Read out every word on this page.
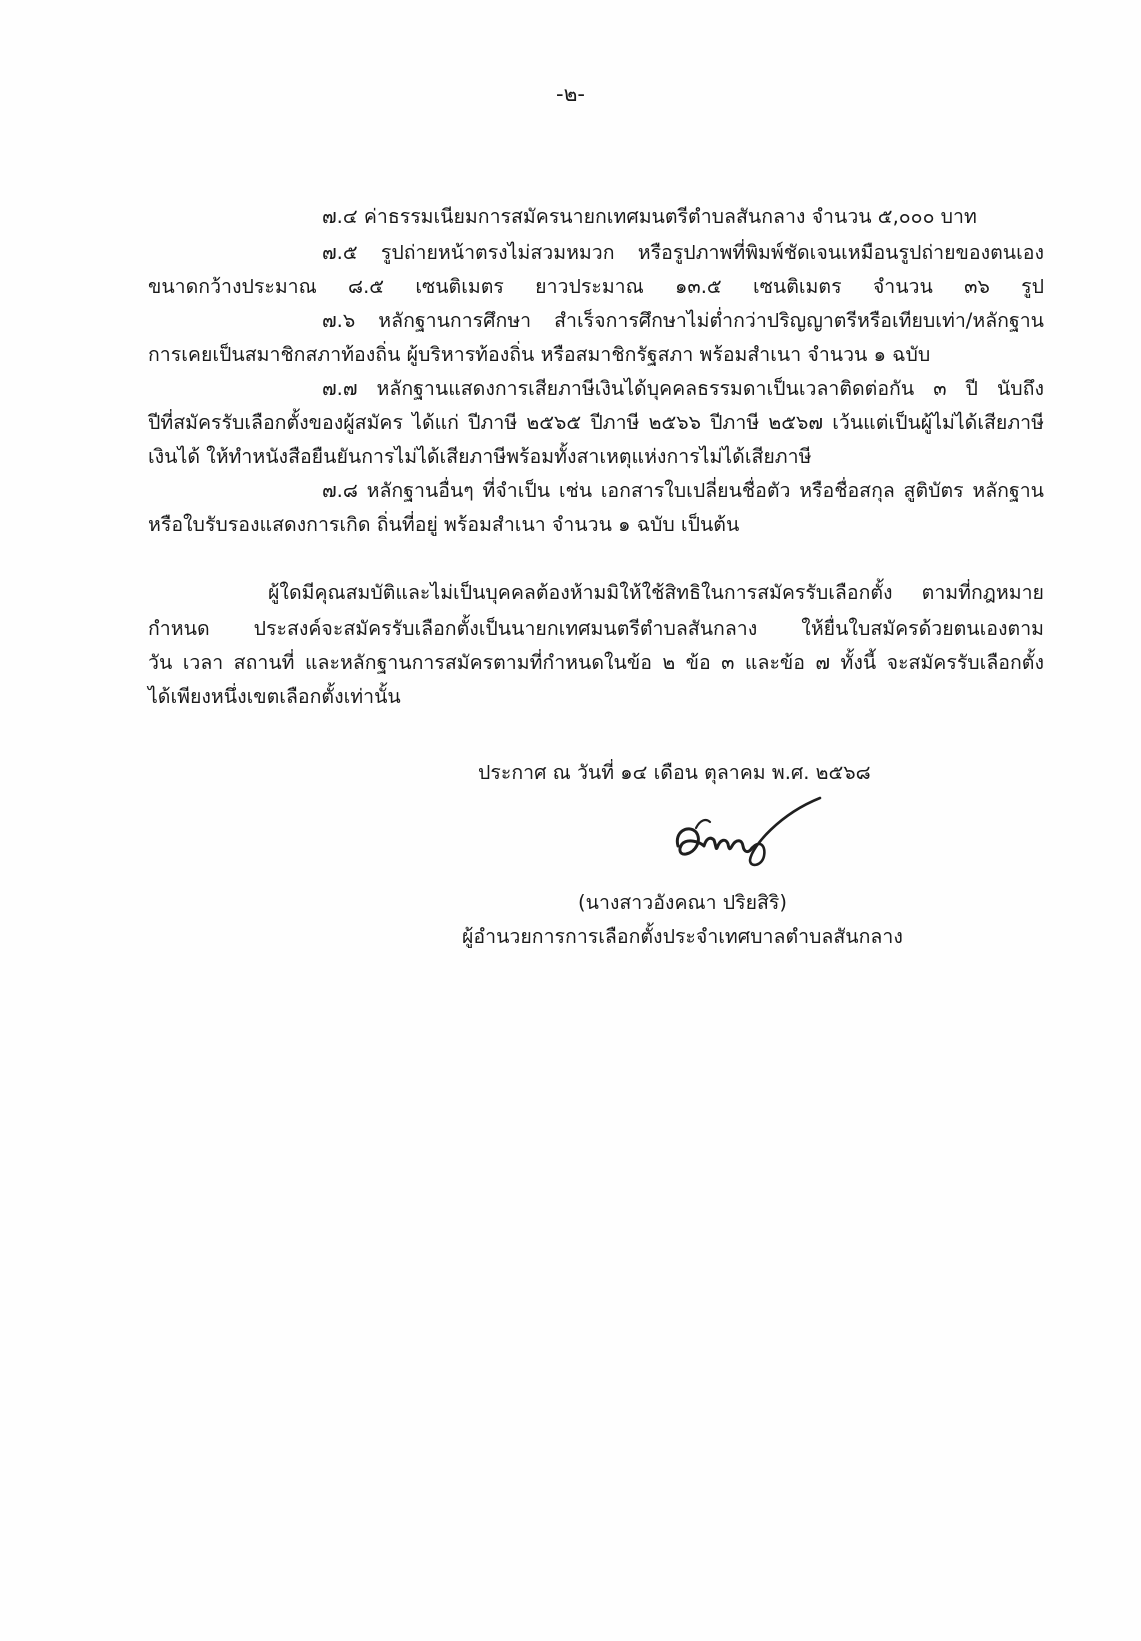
-๒-
๗.๔ ค่าธรรมเนียมการสมัครนายกเทศมนตรีตำบลสันกลาง จำนวน ๕,๐๐๐ บาท
๗.๕ รูปถ่ายหน้าตรงไม่สวมหมวก หรือรูปภาพที่พิมพ์ชัดเจนเหมือนรูปถ่ายของตนเอง
ขนาดกว้างประมาณ ๘.๕ เซนติเมตร ยาวประมาณ ๑๓.๕ เซนติเมตร จำนวน ๓๖ รูป
๗.๖ หลักฐานการศึกษา สำเร็จการศึกษาไม่ต่ำกว่าปริญญาตรีหรือเทียบเท่า/หลักฐาน
การเคยเป็นสมาชิกสภาท้องถิ่น ผู้บริหารท้องถิ่น หรือสมาชิกรัฐสภา พร้อมสำเนา จำนวน ๑ ฉบับ
๗.๗ หลักฐานแสดงการเสียภาษีเงินได้บุคคลธรรมดาเป็นเวลาติดต่อกัน ๓ ปี นับถึง
ปีที่สมัครรับเลือกตั้งของผู้สมัคร ได้แก่ ปีภาษี ๒๕๖๕ ปีภาษี ๒๕๖๖ ปีภาษี ๒๕๖๗ เว้นแต่เป็นผู้ไม่ได้เสียภาษี
เงินได้ ให้ทำหนังสือยืนยันการไม่ได้เสียภาษีพร้อมทั้งสาเหตุแห่งการไม่ได้เสียภาษี
๗.๘ หลักฐานอื่นๆ ที่จำเป็น เช่น เอกสารใบเปลี่ยนชื่อตัว หรือชื่อสกุล สูติบัตร หลักฐาน
หรือใบรับรองแสดงการเกิด ถิ่นที่อยู่ พร้อมสำเนา จำนวน ๑ ฉบับ เป็นต้น
ผู้ใดมีคุณสมบัติและไม่เป็นบุคคลต้องห้ามมิให้ใช้สิทธิในการสมัครรับเลือกตั้ง ตามที่กฎหมาย
กำหนด ประสงค์จะสมัครรับเลือกตั้งเป็นนายกเทศมนตรีตำบลสันกลาง ให้ยื่นใบสมัครด้วยตนเองตาม
วัน เวลา สถานที่ และหลักฐานการสมัครตามที่กำหนดในข้อ ๒ ข้อ ๓ และข้อ ๗ ทั้งนี้ จะสมัครรับเลือกตั้ง
ได้เพียงหนึ่งเขตเลือกตั้งเท่านั้น
ประกาศ ณ วันที่ ๑๔ เดือน ตุลาคม พ.ศ. ๒๕๖๘
(นางสาวอังคณา ปริยสิริ)
ผู้อำนวยการการเลือกตั้งประจำเทศบาลตำบลสันกลาง
